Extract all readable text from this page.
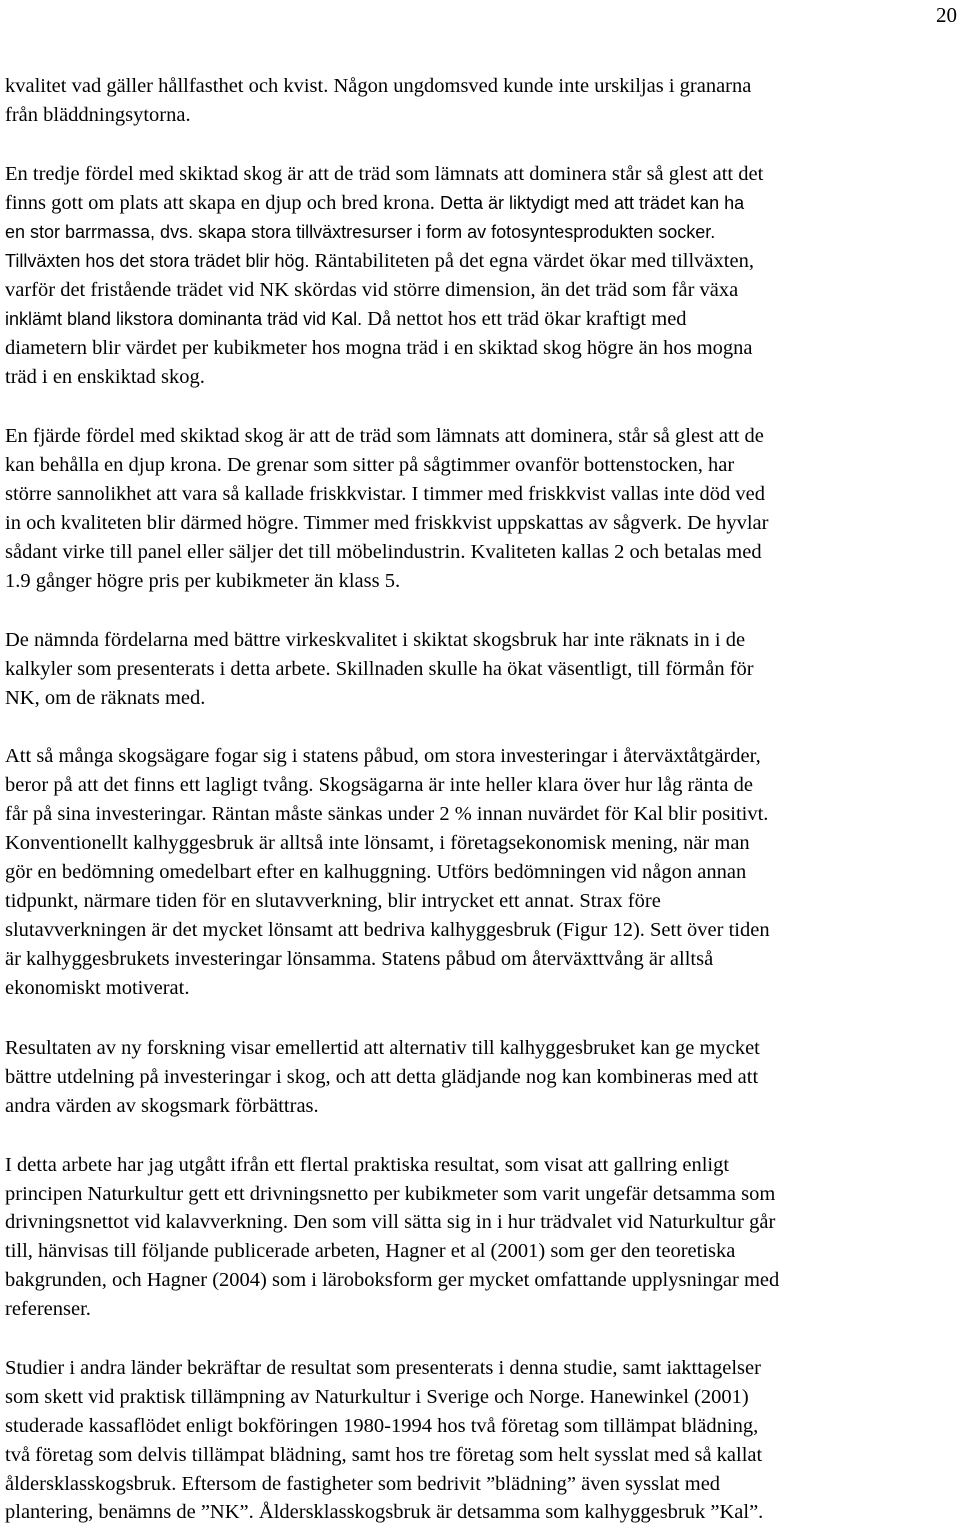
20

kvalitet vad gäller hållfasthet och kvist. Någon ungdomsved kunde inte urskiljas i granarna

från bläddningsytorna.

En tredje fördel med skiktad skog är att de träd som lämnats att dominera står så glest att det

finns gott om plats att skapa en djup och bred krona. Detta är liktydigt med att trädet kan ha

en stor barrmassa, dvs. skapa stora tillväxtresurser i form av fotosyntesprodukten socker.

Tillväxten hos det stora trädet blir hög. Räntabiliteten på det egna värdet ökar med tillväxten,

varför det fristående trädet vid NK skördas vid större dimension, än det träd som får växa

inklämt bland likstora dominanta träd vid Kal. Då nettot hos ett träd ökar kraftigt med

diametern blir värdet per kubikmeter hos mogna träd i en skiktad skog högre än hos mogna

träd i en enskiktad skog.

En fjärde fördel med skiktad skog är att de träd som lämnats att dominera, står så glest att de

kan behålla en djup krona. De grenar som sitter på sågtimmer ovanför bottenstocken, har

större sannolikhet att vara så kallade friskkvistar. I timmer med friskkvist vallas inte död ved

in och kvaliteten blir därmed högre. Timmer med friskkvist uppskattas av sågverk. De hyvlar

sådant virke till panel eller säljer det till möbelindustrin. Kvaliteten kallas 2 och betalas med

1.9 gånger högre pris per kubikmeter än klass 5.

De nämnda fördelarna med bättre virkeskvalitet i skiktat skogsbruk har inte räknats in i de

kalkyler som presenterats i detta arbete. Skillnaden skulle ha ökat väsentligt, till förmån för

NK, om de räknats med.

Att så många skogsägare fogar sig i statens påbud, om stora investeringar i återväxtåtgärder,

beror på att det finns ett lagligt tvång. Skogsägarna är inte heller klara över hur låg ränta de

får på sina investeringar. Räntan måste sänkas under 2 % innan nuvärdet för Kal blir positivt.

Konventionellt kalhyggesbruk är alltså inte lönsamt, i företagsekonomisk mening, när man

gör en bedömning omedelbart efter en kalhuggning. Utförs bedömningen vid någon annan

tidpunkt, närmare tiden för en slutavverkning, blir intrycket ett annat. Strax före

slutavverkningen är det mycket lönsamt att bedriva kalhyggesbruk (Figur 12). Sett över tiden

är kalhyggesbrukets investeringar lönsamma. Statens påbud om återväxttvång är alltså

ekonomiskt motiverat.

Resultaten av ny forskning visar emellertid att alternativ till kalhyggesbruket kan ge mycket

bättre utdelning på investeringar i skog, och att detta glädjande nog kan kombineras med att

andra värden av skogsmark förbättras.

I detta arbete har jag utgått ifrån ett flertal praktiska resultat, som visat att gallring enligt

principen Naturkultur gett ett drivningsnetto per kubikmeter som varit ungefär detsamma som

drivningsnettot vid kalavverkning. Den som vill sätta sig in i hur trädvalet vid Naturkultur går

till, hänvisas till följande publicerade arbeten, Hagner et al (2001) som ger den teoretiska

bakgrunden, och Hagner (2004) som i läroboksform ger mycket omfattande upplysningar med

referenser.

Studier i andra länder bekräftar de resultat som presenterats i denna studie, samt iakttagelser

som skett vid praktisk tillämpning av Naturkultur i Sverige och Norge. Hanewinkel (2001)

studerade kassaflödet enligt bokföringen 1980-1994 hos två företag som tillämpat blädning,

två företag som delvis tillämpat blädning, samt hos tre företag som helt sysslat med så kallat

åldersklasskogsbruk. Eftersom de fastigheter som bedrivit ”blädning” även sysslat med

plantering, benämns de ”NK”. Åldersklasskogsbruk är detsamma som kalhyggesbruk ”Kal”.
